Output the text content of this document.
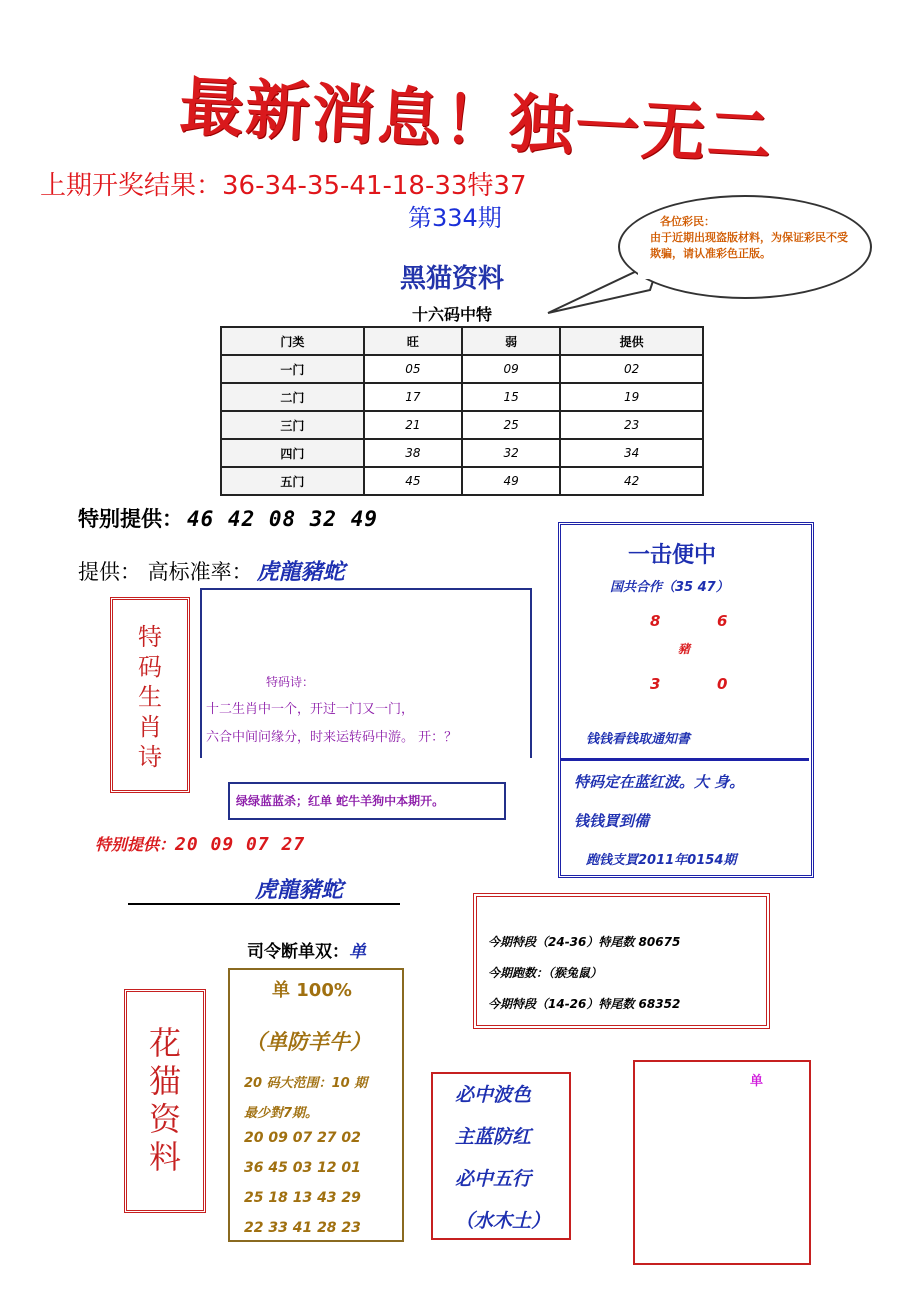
最新消息！独一无二
上期开奖结果：36-34-35-41-18-33特37
第334期	各位彩民：
由于近期出现盗版材料，为保证彩民不受欺骗，请认准彩色正版。
黑猫资料
十六码中特
门类	旺	弱	提供
一门	05	09	02
二门	17	15	19
三门	21	25	23
四门	38	32	34
五门	45	49	42
特别提供： 46 42 08 32 49
提供： 高标准率： 虎龍豬蛇
特
码
生
肖
诗
特码诗：
十二生肖中一个，开过一门又一门，
六合中间问缘分，时来运转码中游。 开：？
绿绿蓝蓝杀；红单 蛇牛羊狗中本期开。
特别提供：20 09 07 27
一击便中
国共合作（35 47）
8	6
豬
3	0
钱钱看钱取通知書
特码定在蓝红波。大 身。
钱钱買到備
跑钱支買2011年0154期
虎龍豬蛇
司令断单双：单	今期特段（24-36）特尾数 80675
今期跑数：（猴兔鼠）
今期特段（14-26）特尾数 68352
花
猫
资
料
单 100%
（单防羊牛）
20 码大范围：10 期
最少對7期。
20 09 07 27 02
36 45 03 12 01
25 18 13 43 29
22 33 41 28 23
必中波色
主蓝防红
必中五行
（水木土）
单
